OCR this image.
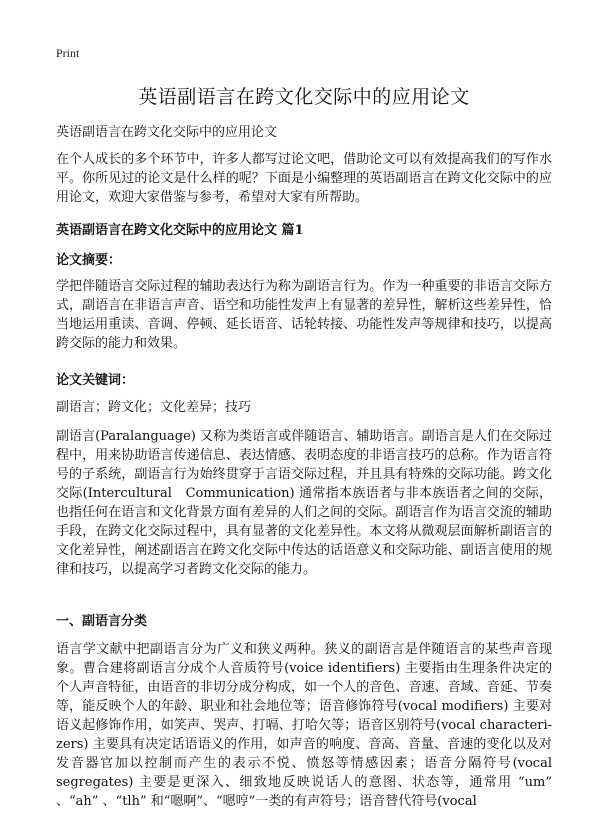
Print
英语副语言在跨文化交际中的应用论文

英语副语言在跨文化交际中的应用论文

在个人成长的多个环节中，许多人都写过论文吧，借助论文可以有效提高我们的写作水平。你所见过的论文是什么样的呢？下面是小编整理的英语副语言在跨文化交际中的应用论文，欢迎大家借鉴与参考，希望对大家有所帮助。

英语副语言在跨文化交际中的应用论文 篇1

论文摘要：

学把伴随语言交际过程的辅助表达行为称为副语言行为。作为一种重要的非语言交际方式，副语言在非语言声音、语空和功能性发声上有显著的差异性，解析这些差异性，恰当地运用重读、音调、停顿、延长语音、话轮转接、功能性发声等规律和技巧，以提高跨交际的能力和效果。

论文关键词：

副语言；跨文化；文化差异；技巧

副语言(Paralanguage) 又称为类语言或伴随语言、辅助语言。副语言是人们在交际过程中，用来协助语言传递信息、表达情感、表明态度的非语言技巧的总称。作为语言符号的子系统，副语言行为始终贯穿于言语交际过程，并且具有特殊的交际功能。跨文化交际(Intercultural　Communication) 通常指本族语者与非本族语者之间的交际，也指任何在语言和文化背景方面有差异的人们之间的交际。副语言作为语言交流的辅助手段，在跨文化交际过程中，具有显著的文化差异性。本文将从微观层面解析副语言的文化差异性，阐述副语言在跨文化交际中传达的话语意义和交际功能、副语言使用的规律和技巧，以提高学习者跨文化交际的能力。

一、副语言分类

语言学文献中把副语言分为广义和狭义两种。狭义的副语言是伴随语言的某些声音现象。曹合建将副语言分成个人音质符号(voice identifiers) 主要指由生理条件决定的个人声音特征，由语音的非切分成分构成，如一个人的音色、音速、音域、音延、节奏等，能反映个人的年龄、职业和社会地位等；语音修饰符号(vocal modifiers) 主要对语义起修饰作用，如笑声、哭声、打嗝、打哈欠等；语音区别符号(vocal characteri-zers) 主要具有决定话语语义的作用，如声音的响度、音高、音量、音速的变化以及对发音器官加以控制而产生的表示不悦、愤怒等情感因素；语音分隔符号(vocal segregates) 主要是更深入、细致地反映说话人的意图、状态等，通常用 “um” 、“ah” 、“tlh” 和“嗯啊”、“嗯哼”一类的有声符号；语音替代符号(vocal
